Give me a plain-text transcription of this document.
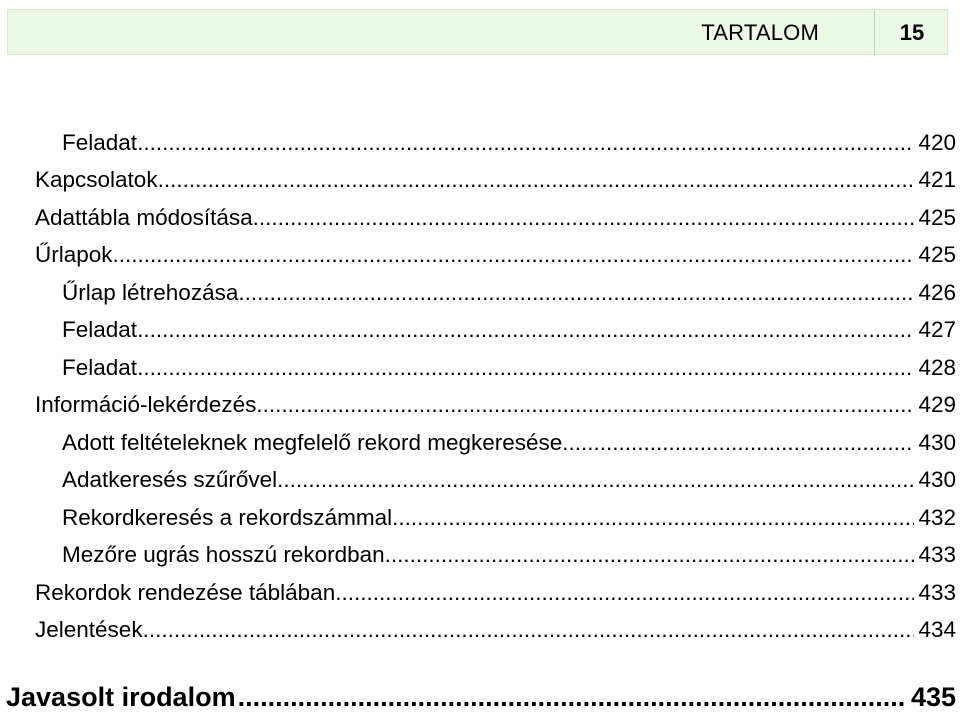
TARTALOM	15
Feladat .....	420
Kapcsolatok .....	421
Adattábla módosítása .....	425
Űrlapok .....	425
Űrlap létrehozása .....	426
Feladat .....	427
Feladat .....	428
Információ-lekérdezés .....	429
Adott feltételeknek megfelelő rekord megkeresése .....	430
Adatkeresés szűrővel .....	430
Rekordkeresés a rekordszámmal .....	432
Mezőre ugrás hosszú rekordban .....	433
Rekordok rendezése táblában .....	433
Jelentések .....	434
Javasolt irodalom .....	435
